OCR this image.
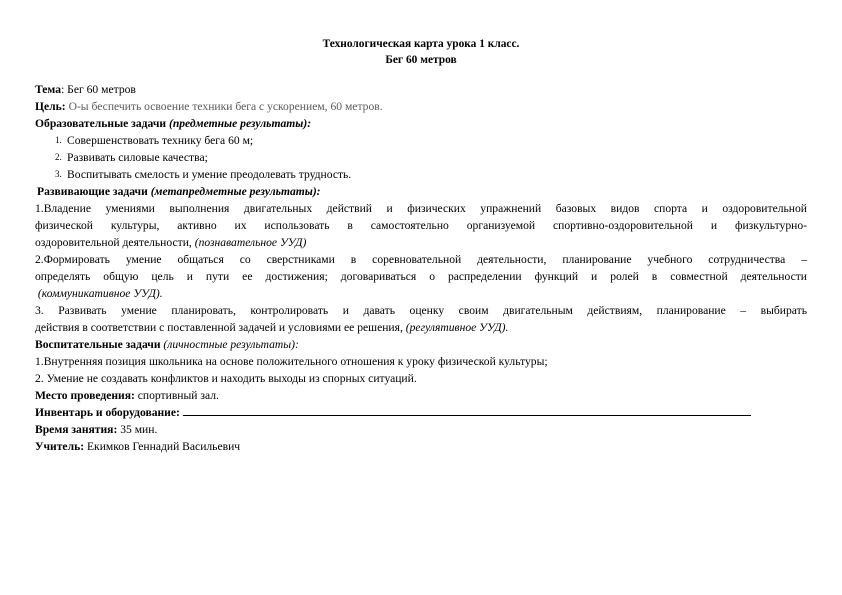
Технологическая карта урока 1 класс.
Бег 60 метров
Тема: Бег 60 метров
Цель: О-ы беспечить освоение техники бега с ускорением, 60 метров.
Образовательные задачи (предметные результаты):
1. Совершенствовать технику бега 60 м;
2. Развивать силовые качества;
3. Воспитывать смелость и умение преодолевать трудность.
Развивающие задачи (метапредметные результаты):
1.Владение умениями выполнения двигательных действий и физических упражнений базовых видов спорта и оздоровительной
физической культуры, активно их использовать в самостоятельно организуемой спортивно-оздоровительной и физкультурно-
оздоровительной деятельности, (познавательное УУД)
2.Формировать умение общаться со сверстниками в соревновательной деятельности, планирование учебного сотрудничества –
определять общую цель и пути ее достижения; договариваться о распределении функций и ролей в совместной деятельности
(коммуникативное УУД).
3. Развивать умение планировать, контролировать и давать оценку своим двигательным действиям, планирование – выбирать
действия в соответствии с поставленной задачей и условиями ее решения, (регулятивное УУД).
Воспитательные задачи (личностные результаты):
1.Внутренняя позиция школьника на основе положительного отношения к уроку физической культуры;
2. Умение не создавать конфликтов и находить выходы из спорных ситуаций.
Место проведения: спортивный зал.
Инвентарь и оборудование:
Время занятия: 35 мин.
Учитель: Екимков Геннадий Васильевич
